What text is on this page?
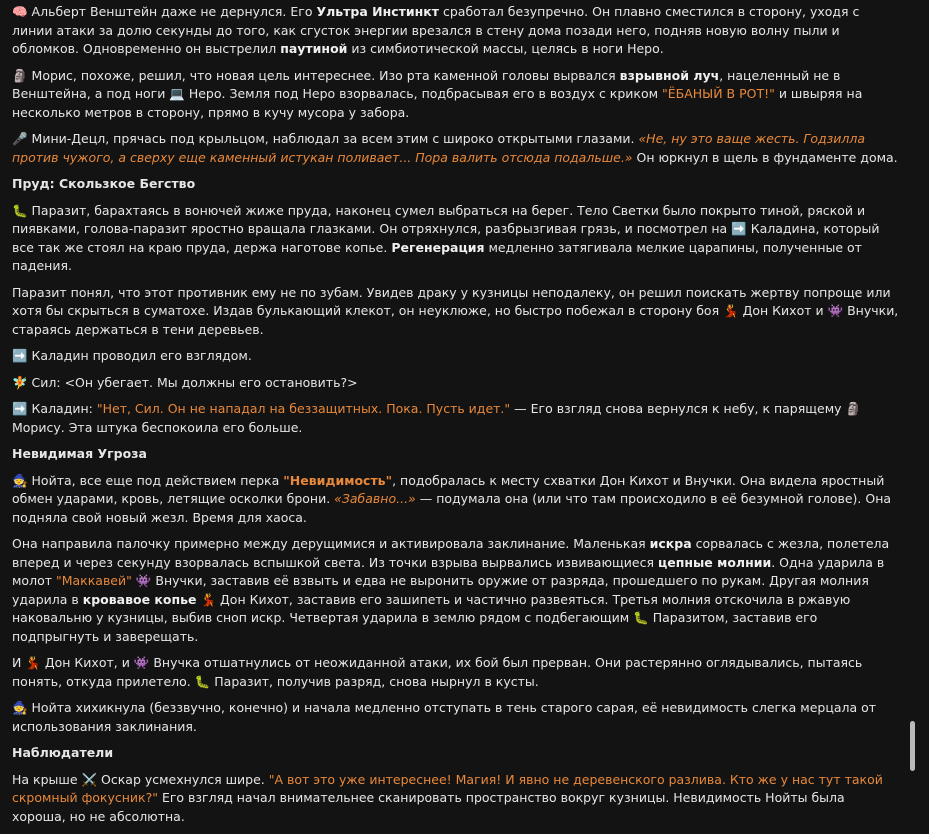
🧠 Альберт Венштейн даже не дернулся. Его Ультра Инстинкт сработал безупречно. Он плавно сместился в сторону, уходя с линии атаки за долю секунды до того, как сгусток энергии врезался в стену дома позади него, подняв новую волну пыли и обломков. Одновременно он выстрелил паутиной из симбиотической массы, целясь в ноги Неро.

🗿 Морис, похоже, решил, что новая цель интереснее. Изо рта каменной головы вырвался взрывной луч, нацеленный не в Венштейна, а под ноги 💻 Неро. Земля под Неро взорвалась, подбрасывая его в воздух с криком "ЁБАНЫЙ В РОТ!" и швыряя на несколько метров в сторону, прямо в кучу мусора у забора.

🎤 Мини-Децл, прячась под крыльцом, наблюдал за всем этим с широко открытыми глазами. «Не, ну это ваще жесть. Годзилла против чужого, а сверху еще каменный истукан поливает... Пора валить отсюда подальше.» Он юркнул в щель в фундаменте дома.

Пруд: Скользкое Бегство

🐛 Паразит, барахтаясь в вонючей жиже пруда, наконец сумел выбраться на берег. Тело Светки было покрыто тиной, ряской и пиявками, голова-паразит яростно вращала глазками. Он отряхнулся, разбрызгивая грязь, и посмотрел на ➡️ Каладина, который все так же стоял на краю пруда, держа наготове копье. Регенерация медленно затягивала мелкие царапины, полученные от падения.

Паразит понял, что этот противник ему не по зубам. Увидев драку у кузницы неподалеку, он решил поискать жертву попроще или хотя бы скрыться в суматохе. Издав булькающий клекот, он неуклюже, но быстро побежал в сторону боя 💃 Дон Кихот и 👾 Внучки, стараясь держаться в тени деревьев.

➡️ Каладин проводил его взглядом.

🧚 Сил: <Он убегает. Мы должны его остановить?>

➡️ Каладин: "Нет, Сил. Он не нападал на беззащитных. Пока. Пусть идет." — Его взгляд снова вернулся к небу, к парящему 🗿 Морису. Эта штука беспокоила его больше.

Невидимая Угроза

🧙 Нойта, все еще под действием перка "Невидимость", подобралась к месту схватки Дон Кихот и Внучки. Она видела яростный обмен ударами, кровь, летящие осколки брони. «Забавно...» — подумала она (или что там происходило в её безумной голове). Она подняла свой новый жезл. Время для хаоса.

Она направила палочку примерно между дерущимися и активировала заклинание. Маленькая искра сорвалась с жезла, полетела вперед и через секунду взорвалась вспышкой света. Из точки взрыва вырвались извивающиеся цепные молнии. Одна ударила в молот "Маккавей" 👾 Внучки, заставив её взвыть и едва не выронить оружие от разряда, прошедшего по рукам. Другая молния ударила в кровавое копье 💃 Дон Кихот, заставив его зашипеть и частично развеяться. Третья молния отскочила в ржавую наковальню у кузницы, выбив сноп искр. Четвертая ударила в землю рядом с подбегающим 🐛 Паразитом, заставив его подпрыгнуть и заверещать.

И 💃 Дон Кихот, и 👾 Внучка отшатнулись от неожиданной атаки, их бой был прерван. Они растерянно оглядывались, пытаясь понять, откуда прилетело. 🐛 Паразит, получив разряд, снова нырнул в кусты.

🧙 Нойта хихикнула (беззвучно, конечно) и начала медленно отступать в тень старого сарая, её невидимость слегка мерцала от использования заклинания.

Наблюдатели

На крыше ⚔️ Оскар усмехнулся шире. "А вот это уже интереснее! Магия! И явно не деревенского разлива. Кто же у нас тут такой скромный фокусник?" Его взгляд начал внимательнее сканировать пространство вокруг кузницы. Невидимость Нойты была хороша, но не абсолютна.
